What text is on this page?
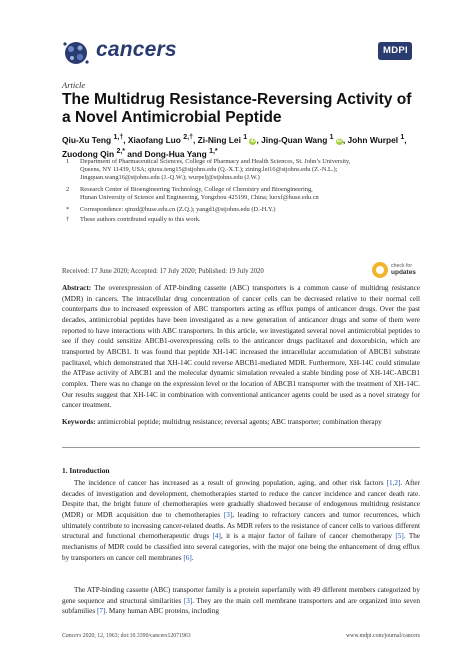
cancers	MDPI
Article
The Multidrug Resistance-Reversing Activity of a Novel Antimicrobial Peptide
Qiu-Xu Teng $^{1,\dagger}$, Xiaofang Luo $^{2,\dagger}$, Zi-Ning Lei $^1$ iD, Jing-Quan Wang $^1$ iD, John Wurpel $^1$,
Zuodong Qin $^{2,*}$ and Dong-Hua Yang $^{1,*}$
1 Department of Pharmaceutical Sciences, College of Pharmacy and Health Sciences, St. John’s University,
Queens, NY 11439, USA; qiuxu.teng15@stjohns.edu (Q.-X.T.); zining.lei16@stjohns.edu (Z.-N.L.);
Jingquan.wang16@stjohns.edu (J.-Q.W.); wurpelj@stjohns.edu (J.W.)
2 Research Center of Bioengineering Technology, College of Chemistry and Bioengineering,
Hunan University of Science and Engineering, Yongzhou 425199, China; luoxf@huse.edu.cn
* Correspondence: qinzd@huse.edu.cn (Z.Q.); yangd1@stjohns.edu (D.-H.Y.)
† These authors contributed equally to this work.
Received: 17 June 2020; Accepted: 17 July 2020; Published: 19 July 2020
check for
updates
Abstract: The overexpression of ATP-binding cassette (ABC) transporters is a common cause of multidrug resistance (MDR) in cancers. The intracellular drug concentration of cancer cells can be decreased relative to their normal cell counterparts due to increased expression of ABC transporters acting as efflux pumps of anticancer drugs. Over the past decades, antimicrobial peptides have been investigated as a new generation of anticancer drugs and some of them were reported to have interactions with ABC transporters. In this article, we investigated several novel antimicrobial peptides to see if they could sensitize ABCB1-overexpressing cells to the anticancer drugs paclitaxel and doxorubicin, which are transported by ABCB1. It was found that peptide XH-14C increased the intracellular accumulation of ABCB1 substrate paclitaxel, which demonstrated that XH-14C could reverse ABCB1-mediated MDR. Furthermore, XH-14C could stimulate the ATPase activity of ABCB1 and the molecular dynamic simulation revealed a stable binding pose of XH-14C-ABCB1 complex. There was no change on the expression level or the location of ABCB1 transporter with the treatment of XH-14C. Our results suggest that XH-14C in combination with conventional anticancer agents could be used as a novel strategy for cancer treatment.
Keywords: antimicrobial peptide; multidrug resistance; reversal agents; ABC transporter; combination therapy
1. Introduction

The incidence of cancer has increased as a result of growing population, aging, and other risk factors [1,2]. After decades of investigation and development, chemotherapies started to reduce the cancer incidence and cancer death rate. Despite that, the bright future of chemotherapies were gradually shadowed because of endogenous multidrug resistance (MDR) or MDR acquisition due to chemotherapies [3], leading to refractory cancers and tumor recurrences, which ultimately contribute to increasing cancer-related deaths. As MDR refers to the resistance of cancer cells to various different structural and functional chemotherapeutic drugs [4], it is a major factor of failure of cancer chemotherapy [5]. The mechanisms of MDR could be classified into several categories, with the major one being the enhancement of drug efflux by transporters on cancer cell membranes [6].

The ATP-binding cassette (ABC) transporter family is a protein superfamily with 49 different members categorized by gene sequence and structural similarities [3]. They are the main cell membrane transporters and are organized into seven subfamilies [7]. Many human ABC proteins, including

Cancers 2020, 12, 1963; doi:10.3390/cancers12071963	www.mdpi.com/journal/cancers
